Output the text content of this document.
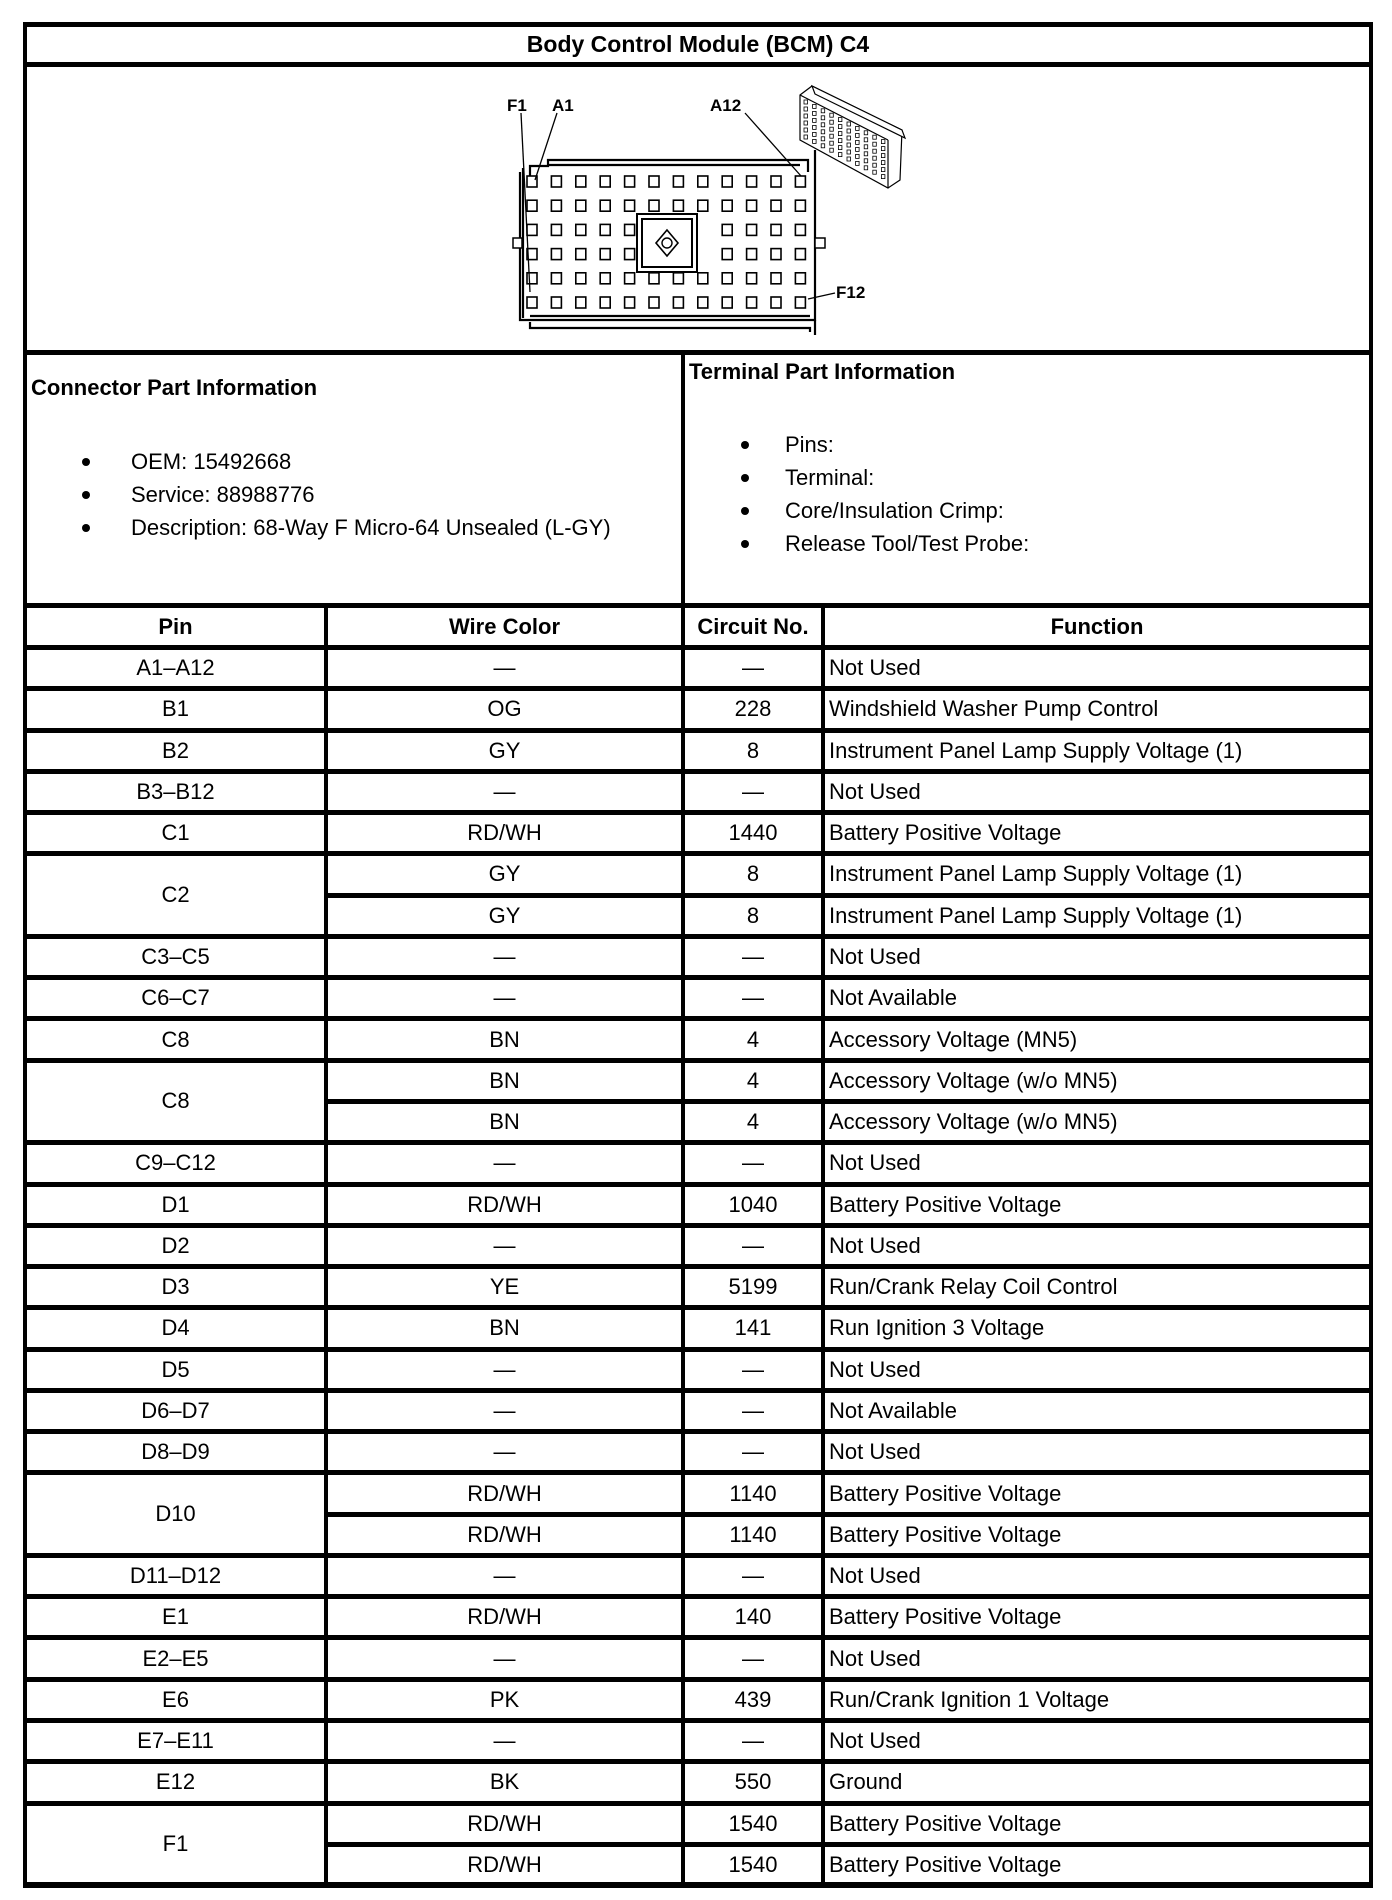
Body Control Module (BCM) C4
F1 A1	A12
F12
Connector Part Information
OEM: 15492668
Service: 88988776
Description: 68-Way F Micro-64 Unsealed (L-GY)
Terminal Part Information
Pins:
Terminal:
Core/Insulation Crimp:
Release Tool/Test Probe:
Pin	Wire Color	Circuit No.	Function
A1–A12	—	—	Not Used
B1	OG	228	Windshield Washer Pump Control
B2	GY	8	Instrument Panel Lamp Supply Voltage (1)
B3–B12	—	—	Not Used
C1	RD/WH	1440	Battery Positive Voltage
C2
GY	8	Instrument Panel Lamp Supply Voltage (1)
GY	8	Instrument Panel Lamp Supply Voltage (1)
C3–C5	—	—	Not Used
C6–C7	—	—	Not Available
C8	BN	4	Accessory Voltage (MN5)
C8
BN	4	Accessory Voltage (w/o MN5)
BN	4	Accessory Voltage (w/o MN5)
C9–C12	—	—	Not Used
D1	RD/WH	1040	Battery Positive Voltage
D2	—	—	Not Used
D3	YE	5199	Run/Crank Relay Coil Control
D4	BN	141	Run Ignition 3 Voltage
D5	—	—	Not Used
D6–D7	—	—	Not Available
D8–D9	—	—	Not Used
D10
RD/WH	1140	Battery Positive Voltage
RD/WH	1140	Battery Positive Voltage
D11–D12	—	—	Not Used
E1	RD/WH	140	Battery Positive Voltage
E2–E5	—	—	Not Used
E6	PK	439	Run/Crank Ignition 1 Voltage
E7–E11	—	—	Not Used
E12	BK	550	Ground
F1
RD/WH	1540	Battery Positive Voltage
RD/WH	1540	Battery Positive Voltage
